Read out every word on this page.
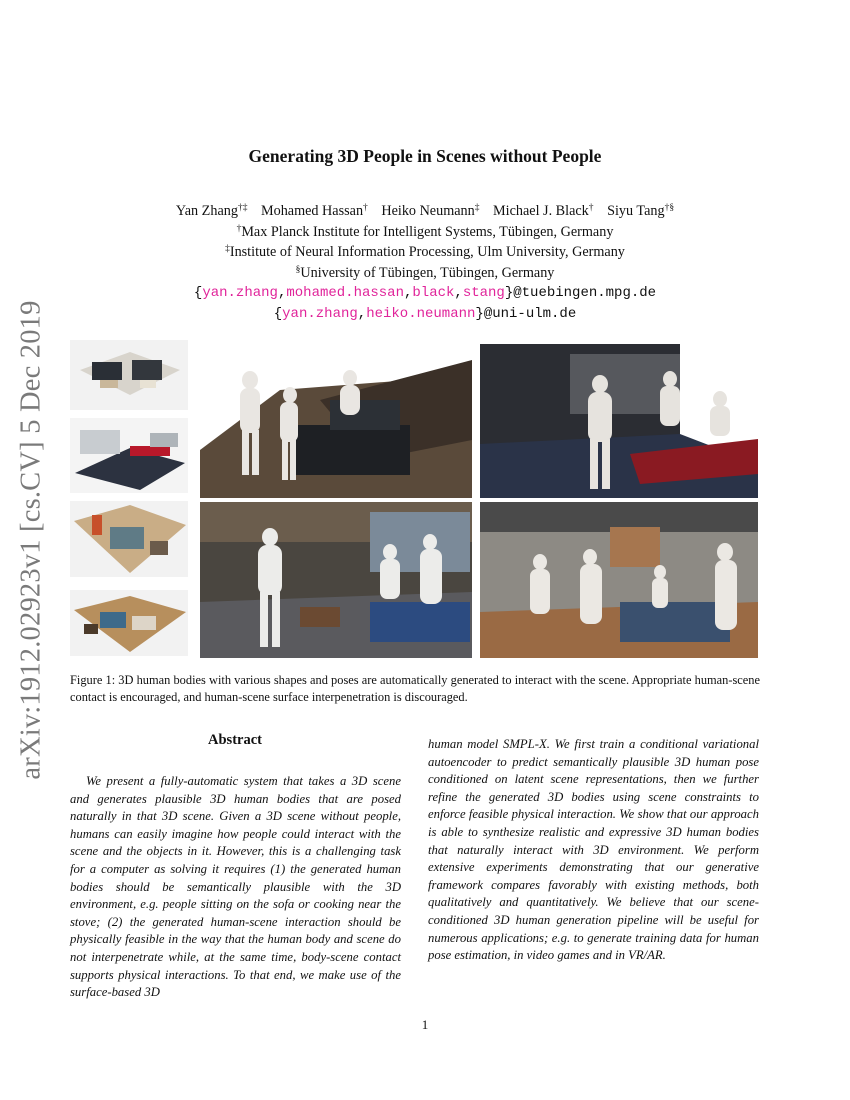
arXiv:1912.02923v1 [cs.CV] 5 Dec 2019
Generating 3D People in Scenes without People
Yan Zhang†‡ Mohamed Hassan† Heiko Neumann‡ Michael J. Black† Siyu Tang†§
†Max Planck Institute for Intelligent Systems, Tübingen, Germany
‡Institute of Neural Information Processing, Ulm University, Germany
§University of Tübingen, Tübingen, Germany
{yan.zhang,mohamed.hassan,black,stang}@tuebingen.mpg.de
{yan.zhang,heiko.neumann}@uni-ulm.de
Figure 1: 3D human bodies with various shapes and poses are automatically generated to interact with the scene. Appropriate human-scene contact is encouraged, and human-scene surface interpenetration is discouraged.
Abstract
We present a fully-automatic system that takes a 3D scene and generates plausible 3D human bodies that are posed naturally in that 3D scene. Given a 3D scene without people, humans can easily imagine how people could interact with the scene and the objects in it. However, this is a challenging task for a computer as solving it requires (1) the generated human bodies should be semantically plausible with the 3D environment, e.g. people sitting on the sofa or cooking near the stove; (2) the generated human-scene interaction should be physically feasible in the way that the human body and scene do not interpenetrate while, at the same time, body-scene contact supports physical interactions. To that end, we make use of the surface-based 3D
human model SMPL-X. We first train a conditional variational autoencoder to predict semantically plausible 3D human pose conditioned on latent scene representations, then we further refine the generated 3D bodies using scene constraints to enforce feasible physical interaction. We show that our approach is able to synthesize realistic and expressive 3D human bodies that naturally interact with 3D environment. We perform extensive experiments demonstrating that our generative framework compares favorably with existing methods, both qualitatively and quantitatively. We believe that our scene-conditioned 3D human generation pipeline will be useful for numerous applications; e.g. to generate training data for human pose estimation, in video games and in VR/AR.
1
